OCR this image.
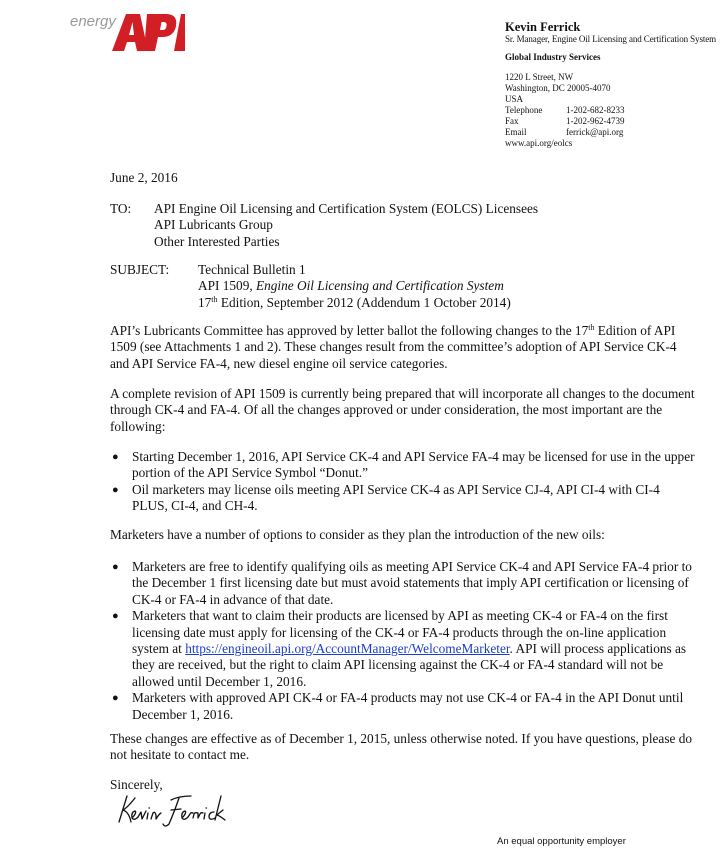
energy	Kevin Ferrick
Sr. Manager, Engine Oil Licensing and Certification System
Global Industry Services
1220 L Street, NW
Washington, DC 20005-4070
USA
Telephone	1-202-682-8233
Fax	1-202-962-4739
Email	ferrick@api.org
www.api.org/eolcs
June 2, 2016
TO: API Engine Oil Licensing and Certification System (EOLCS) Licensees
API Lubricants Group
Other Interested Parties
SUBJECT: Technical Bulletin 1
API 1509, Engine Oil Licensing and Certification System
17th Edition, September 2012 (Addendum 1 October 2014)
API’s Lubricants Committee has approved by letter ballot the following changes to the 17th Edition of API 1509 (see Attachments 1 and 2). These changes result from the committee’s adoption of API Service CK-4 and API Service FA-4, new diesel engine oil service categories.
A complete revision of API 1509 is currently being prepared that will incorporate all changes to the document through CK-4 and FA-4. Of all the changes approved or under consideration, the most important are the following:
● Starting December 1, 2016, API Service CK-4 and API Service FA-4 may be licensed for use in the upper portion of the API Service Symbol “Donut.”
● Oil marketers may license oils meeting API Service CK-4 as API Service CJ-4, API CI-4 with CI-4 PLUS, CI-4, and CH-4.
Marketers have a number of options to consider as they plan the introduction of the new oils:
● Marketers are free to identify qualifying oils as meeting API Service CK-4 and API Service FA-4 prior to the December 1 first licensing date but must avoid statements that imply API certification or licensing of CK-4 or FA-4 in advance of that date.
● Marketers that want to claim their products are licensed by API as meeting CK-4 or FA-4 on the first licensing date must apply for licensing of the CK-4 or FA-4 products through the on-line application system at https://engineoil.api.org/AccountManager/WelcomeMarketer. API will process applications as they are received, but the right to claim API licensing against the CK-4 or FA-4 standard will not be allowed until December 1, 2016.
● Marketers with approved API CK-4 or FA-4 products may not use CK-4 or FA-4 in the API Donut until December 1, 2016.
These changes are effective as of December 1, 2015, unless otherwise noted. If you have questions, please do not hesitate to contact me.
Sincerely,
An equal opportunity employer
